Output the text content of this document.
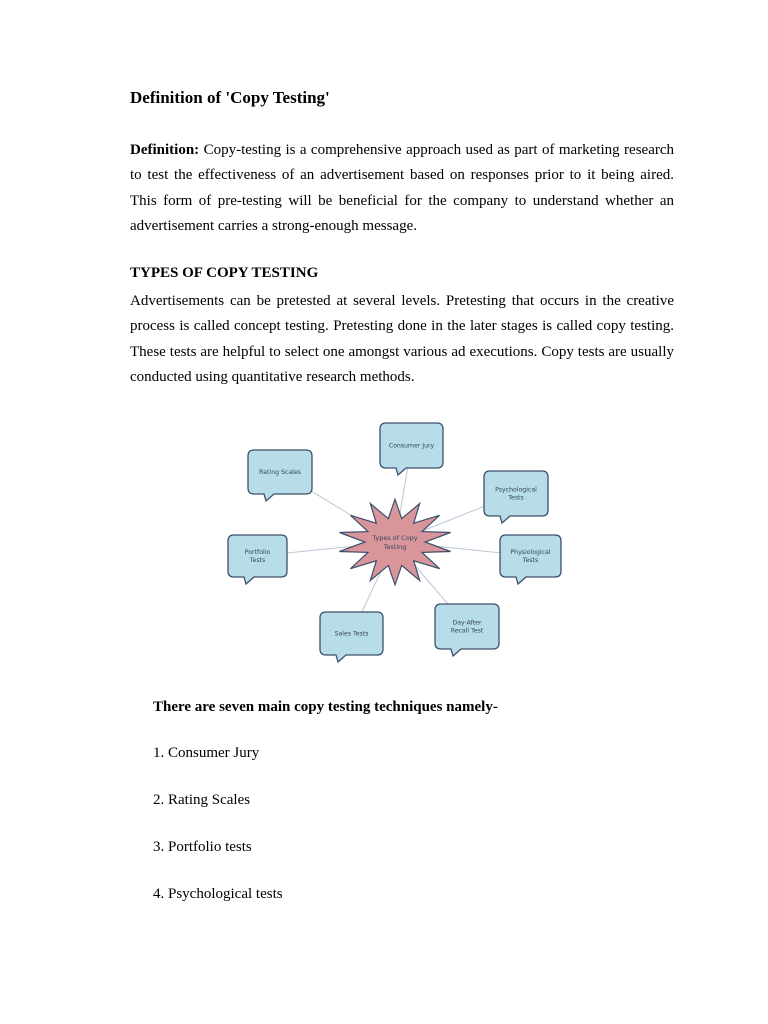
Definition of 'Copy Testing'

Definition: Copy-testing is a comprehensive approach used as part of marketing research to test the effectiveness of an advertisement based on responses prior to it being aired. This form of pre-testing will be beneficial for the company to understand whether an advertisement carries a strong-enough message.

TYPES OF COPY TESTING

Advertisements can be pretested at several levels. Pretesting that occurs in the creative process is called concept testing. Pretesting done in the later stages is called copy testing. These tests are helpful to select one amongst various ad executions. Copy tests are usually conducted using quantitative research methods.

Types of Copy
Testing
Consumer Jury
Rating Scales
Psychological
Tests
Portfolio
Tests
Physiological
Tests
Sales Tests
Day-After
Recall Test

There are seven main copy testing techniques namely-

1. Consumer Jury

2. Rating Scales

3. Portfolio tests

4. Psychological tests
